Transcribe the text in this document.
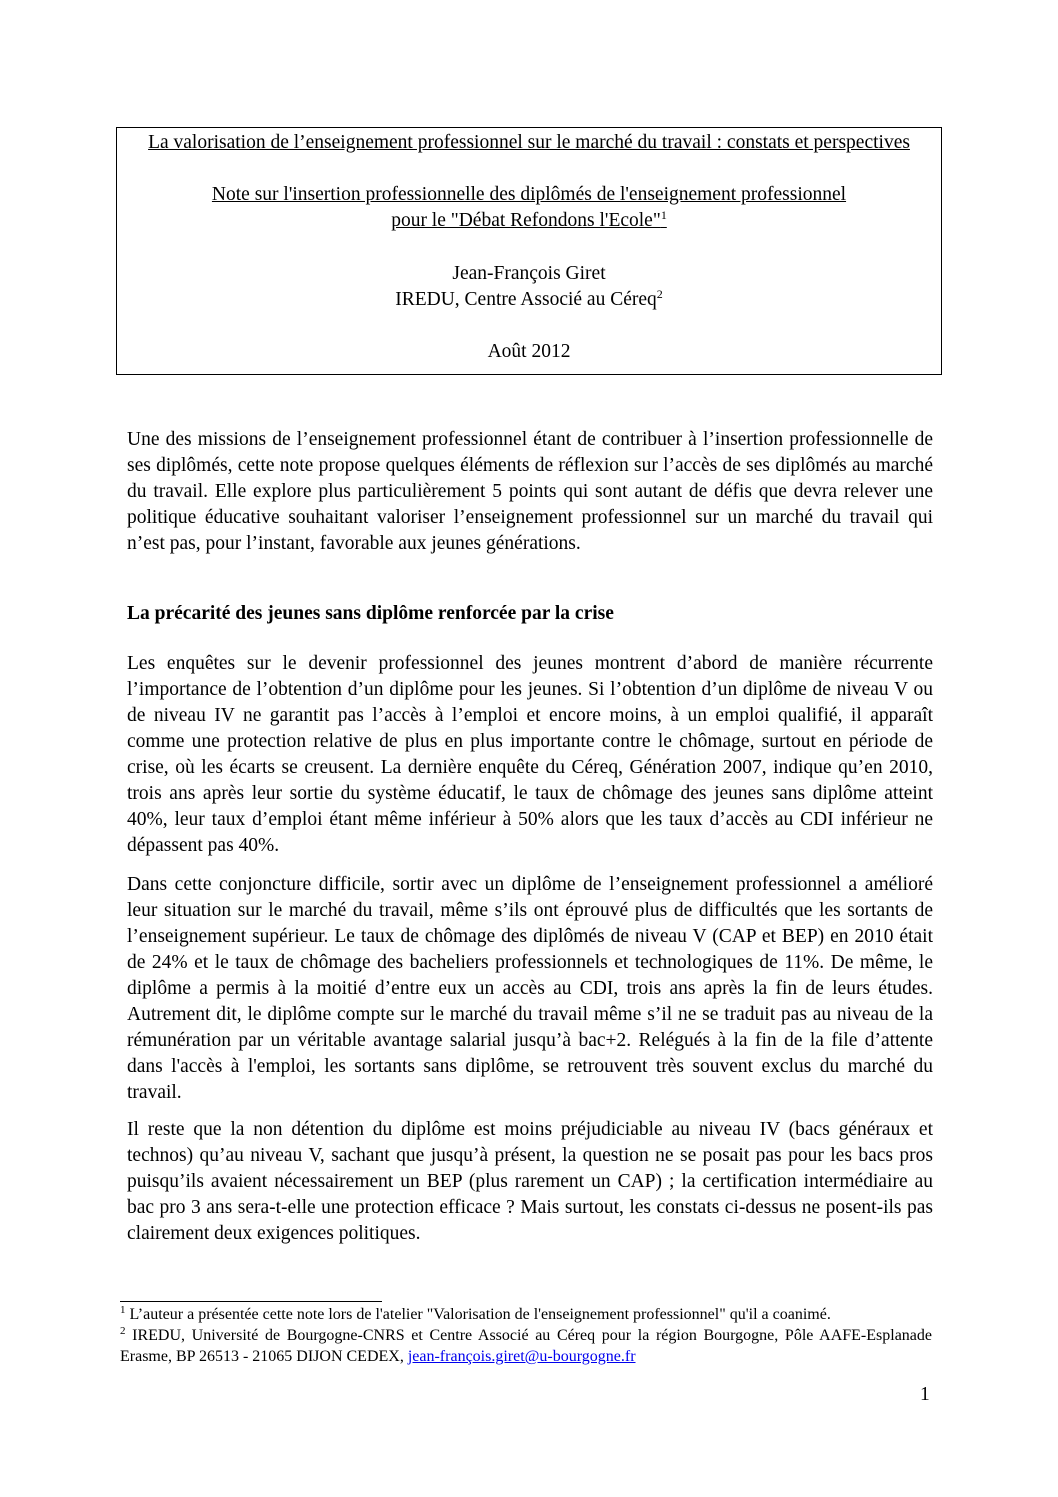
La valorisation de l’enseignement professionnel sur le marché du travail : constats et perspectives
Note sur l'insertion professionnelle des diplômés de l'enseignement professionnel
pour le "Débat Refondons l'Ecole"$^1$
Jean-François Giret
IREDU, Centre Associé au Céreq$^2$
Août 2012
Une des missions de l’enseignement professionnel étant de contribuer à l’insertion professionnelle de ses diplômés, cette note propose quelques éléments de réflexion sur l’accès de ses diplômés au marché du travail. Elle explore plus particulièrement 5 points qui sont autant de défis que devra relever une politique éducative souhaitant valoriser l’enseignement professionnel sur un marché du travail qui n’est pas, pour l’instant, favorable aux jeunes générations.
La précarité des jeunes sans diplôme renforcée par la crise
Les enquêtes sur le devenir professionnel des jeunes montrent d’abord de manière récurrente l’importance de l’obtention d’un diplôme pour les jeunes. Si l’obtention d’un diplôme de niveau V ou de niveau IV ne garantit pas l’accès à l’emploi et encore moins, à un emploi qualifié, il apparaît comme une protection relative de plus en plus importante contre le chômage, surtout en période de crise, où les écarts se creusent. La dernière enquête du Céreq, Génération 2007, indique qu’en 2010, trois ans après leur sortie du système éducatif, le taux de chômage des jeunes sans diplôme atteint 40%, leur taux d’emploi étant même inférieur à 50% alors que les taux d’accès au CDI inférieur ne dépassent pas 40%.
Dans cette conjoncture difficile, sortir avec un diplôme de l’enseignement professionnel a amélioré leur situation sur le marché du travail, même s’ils ont éprouvé plus de difficultés que les sortants de l’enseignement supérieur. Le taux de chômage des diplômés de niveau V (CAP et BEP) en 2010 était de 24% et le taux de chômage des bacheliers professionnels et technologiques de 11%. De même, le diplôme a permis à la moitié d’entre eux un accès au CDI, trois ans après la fin de leurs études. Autrement dit, le diplôme compte sur le marché du travail même s’il ne se traduit pas au niveau de la rémunération par un véritable avantage salarial jusqu’à bac+2. Relégués à la fin de la file d’attente dans l'accès à l'emploi, les sortants sans diplôme, se retrouvent très souvent exclus du marché du travail.
Il reste que la non détention du diplôme est moins préjudiciable au niveau IV (bacs généraux et technos) qu’au niveau V, sachant que jusqu’à présent, la question ne se posait pas pour les bacs pros puisqu’ils avaient nécessairement un BEP (plus rarement un CAP) ; la certification intermédiaire au bac pro 3 ans sera-t-elle une protection efficace ? Mais surtout, les constats ci-dessus ne posent-ils pas clairement deux exigences politiques.
$^1$ L’auteur a présentée cette note lors de l'atelier "Valorisation de l'enseignement professionnel" qu'il a coanimé.
$^2$ IREDU, Université de Bourgogne-CNRS et Centre Associé au Céreq pour la région Bourgogne, Pôle AAFE-Esplanade Erasme, BP 26513 - 21065 DIJON CEDEX, jean-françois.giret@u-bourgogne.fr
1
